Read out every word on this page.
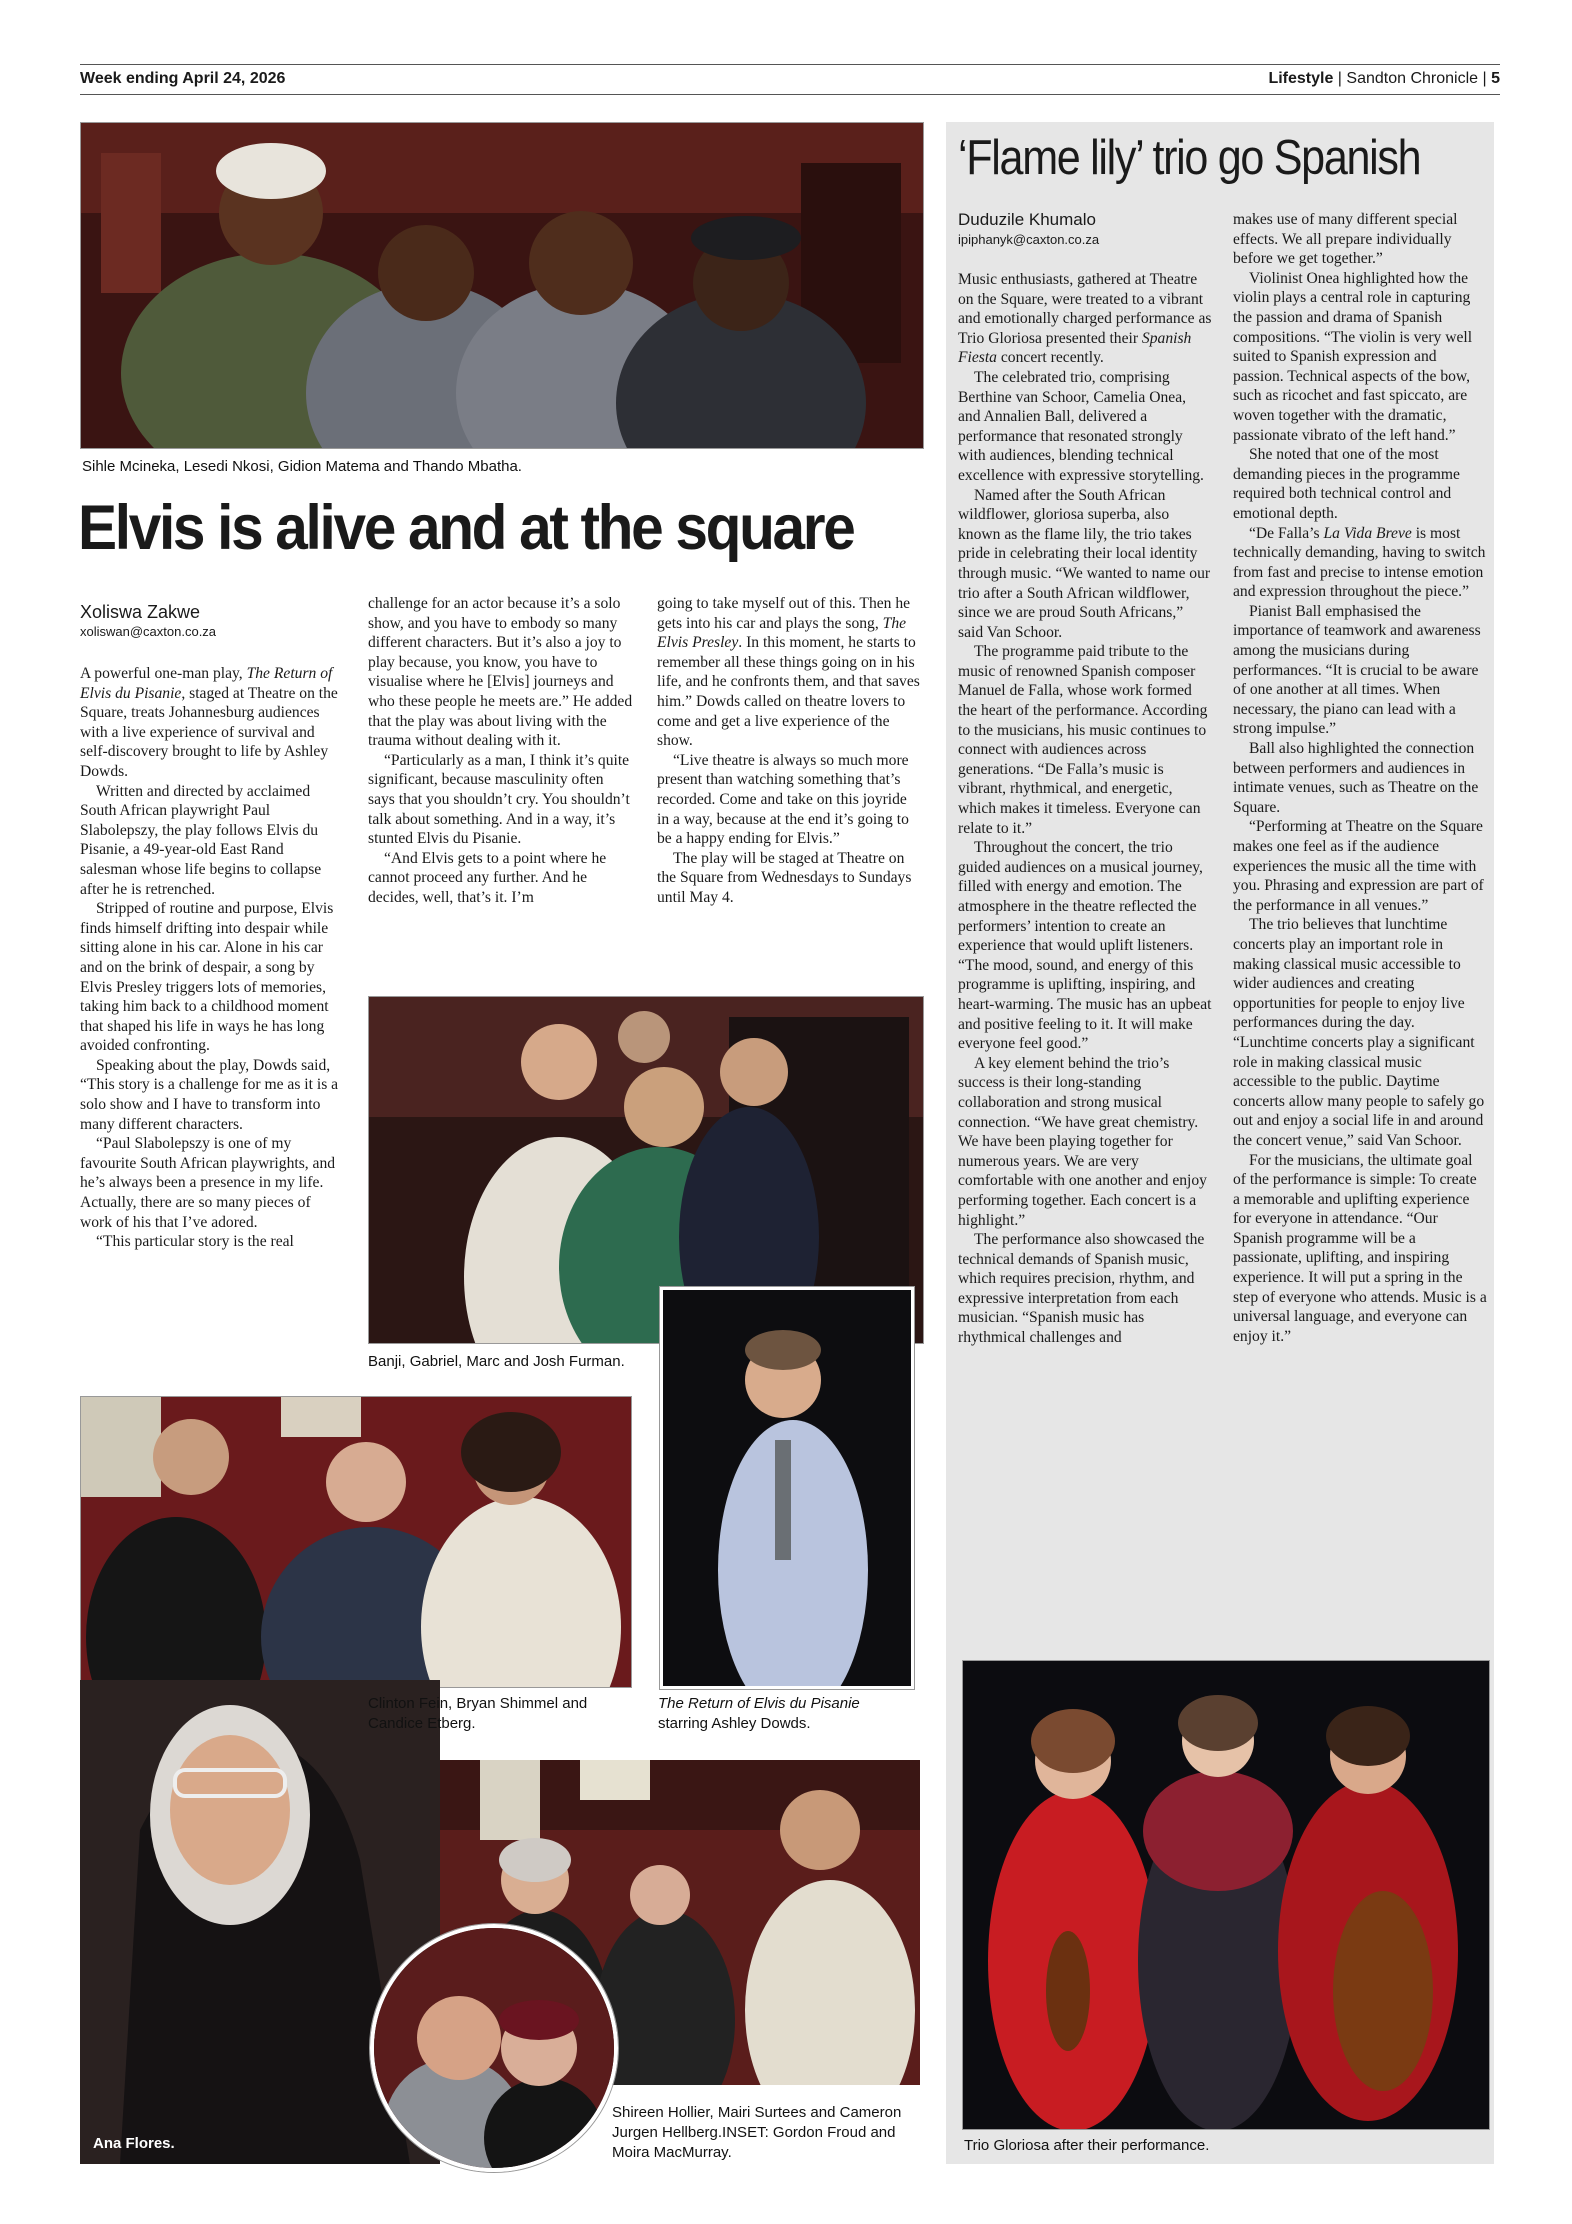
Week ending April 24, 2026	Lifestyle | Sandton Chronicle | 5
Sihle Mcineka, Lesedi Nkosi, Gidion Matema and Thando Mbatha.
Elvis is alive and at the square
Xoliswa Zakwe
xoliswan@caxton.co.za

A powerful one-man play, The Return of Elvis du Pisanie, staged at Theatre on the Square, treats Johannesburg audiences with a live experience of survival and self-discovery brought to life by Ashley Dowds.

Written and directed by acclaimed South African playwright Paul Slabolepszy, the play follows Elvis du Pisanie, a 49-year-old East Rand salesman whose life begins to collapse after he is retrenched.

Stripped of routine and purpose, Elvis finds himself drifting into despair while sitting alone in his car. Alone in his car and on the brink of despair, a song by Elvis Presley triggers lots of memories, taking him back to a childhood moment that shaped his life in ways he has long avoided confronting.

Speaking about the play, Dowds said, “This story is a challenge for me as it is a solo show and I have to transform into many different characters.

“Paul Slabolepszy is one of my favourite South African playwrights, and he’s always been a presence in my life. Actually, there are so many pieces of work of his that I’ve adored.

“This particular story is the real

challenge for an actor because it’s a solo show, and you have to embody so many different characters. But it’s also a joy to play because, you know, you have to visualise where he [Elvis] journeys and who these people he meets are.” He added that the play was about living with the trauma without dealing with it.

“Particularly as a man, I think it’s quite significant, because masculinity often says that you shouldn’t cry. You shouldn’t talk about something. And in a way, it’s stunted Elvis du Pisanie.

“And Elvis gets to a point where he cannot proceed any further. And he decides, well, that’s it. I’m

going to take myself out of this. Then he gets into his car and plays the song, The Elvis Presley. In this moment, he starts to remember all these things going on in his life, and he confronts them, and that saves him.” Dowds called on theatre lovers to come and get a live experience of the show.

“Live theatre is always so much more present than watching something that’s recorded. Come and take on this joyride in a way, because at the end it’s going to be a happy ending for Elvis.”

The play will be staged at Theatre on the Square from Wednesdays to Sundays until May 4.

Banji, Gabriel, Marc and Josh Furman.
Ana Flores.
Shireen Hollier, Mairi Surtees and Cameron Jurgen Hellberg.INSET: Gordon Froud and Moira MacMurray.
Clinton Fein, Bryan Shimmel and Candice Etberg.
The Return of Elvis du Pisanie
starring Ashley Dowds.
‘Flame lily’ trio go Spanish
Duduzile Khumalo
ipiphanyk@caxton.co.za

Music enthusiasts, gathered at Theatre on the Square, were treated to a vibrant and emotionally charged performance as Trio Gloriosa presented their Spanish Fiesta concert recently.

The celebrated trio, comprising Berthine van Schoor, Camelia Onea, and Annalien Ball, delivered a performance that resonated strongly with audiences, blending technical excellence with expressive storytelling.

Named after the South African wildflower, gloriosa superba, also known as the flame lily, the trio takes pride in celebrating their local identity through music. “We wanted to name our trio after a South African wildflower, since we are proud South Africans,” said Van Schoor.

The programme paid tribute to the music of renowned Spanish composer Manuel de Falla, whose work formed the heart of the performance. According to the musicians, his music continues to connect with audiences across generations. “De Falla’s music is vibrant, rhythmical, and energetic, which makes it timeless. Everyone can relate to it.”

Throughout the concert, the trio guided audiences on a musical journey, filled with energy and emotion. The atmosphere in the theatre reflected the performers’ intention to create an experience that would uplift listeners. “The mood, sound, and energy of this programme is uplifting, inspiring, and heart-warming. The music has an upbeat and positive feeling to it. It will make everyone feel good.”

A key element behind the trio’s success is their long-standing collaboration and strong musical connection. “We have great chemistry. We have been playing together for numerous years. We are very comfortable with one another and enjoy performing together. Each concert is a highlight.”

The performance also showcased the technical demands of Spanish music, which requires precision, rhythm, and expressive interpretation from each musician. “Spanish music has rhythmical challenges and

makes use of many different special effects. We all prepare individually before we get together.”

Violinist Onea highlighted how the violin plays a central role in capturing the passion and drama of Spanish compositions. “The violin is very well suited to Spanish expression and passion. Technical aspects of the bow, such as ricochet and fast spiccato, are woven together with the dramatic, passionate vibrato of the left hand.”

She noted that one of the most demanding pieces in the programme required both technical control and emotional depth.

“De Falla’s La Vida Breve is most technically demanding, having to switch from fast and precise to intense emotion and expression throughout the piece.”

Pianist Ball emphasised the importance of teamwork and awareness among the musicians during performances. “It is crucial to be aware of one another at all times. When necessary, the piano can lead with a strong impulse.”

Ball also highlighted the connection between performers and audiences in intimate venues, such as Theatre on the Square.

“Performing at Theatre on the Square makes one feel as if the audience experiences the music all the time with you. Phrasing and expression are part of the performance in all venues.”

The trio believes that lunchtime concerts play an important role in making classical music accessible to wider audiences and creating opportunities for people to enjoy live performances during the day. “Lunchtime concerts play a significant role in making classical music accessible to the public. Daytime concerts allow many people to safely go out and enjoy a social life in and around the concert venue,” said Van Schoor.

For the musicians, the ultimate goal of the performance is simple: To create a memorable and uplifting experience for everyone in attendance. “Our Spanish programme will be a passionate, uplifting, and inspiring experience. It will put a spring in the step of everyone who attends. Music is a universal language, and everyone can enjoy it.”

Trio Gloriosa after their performance.
